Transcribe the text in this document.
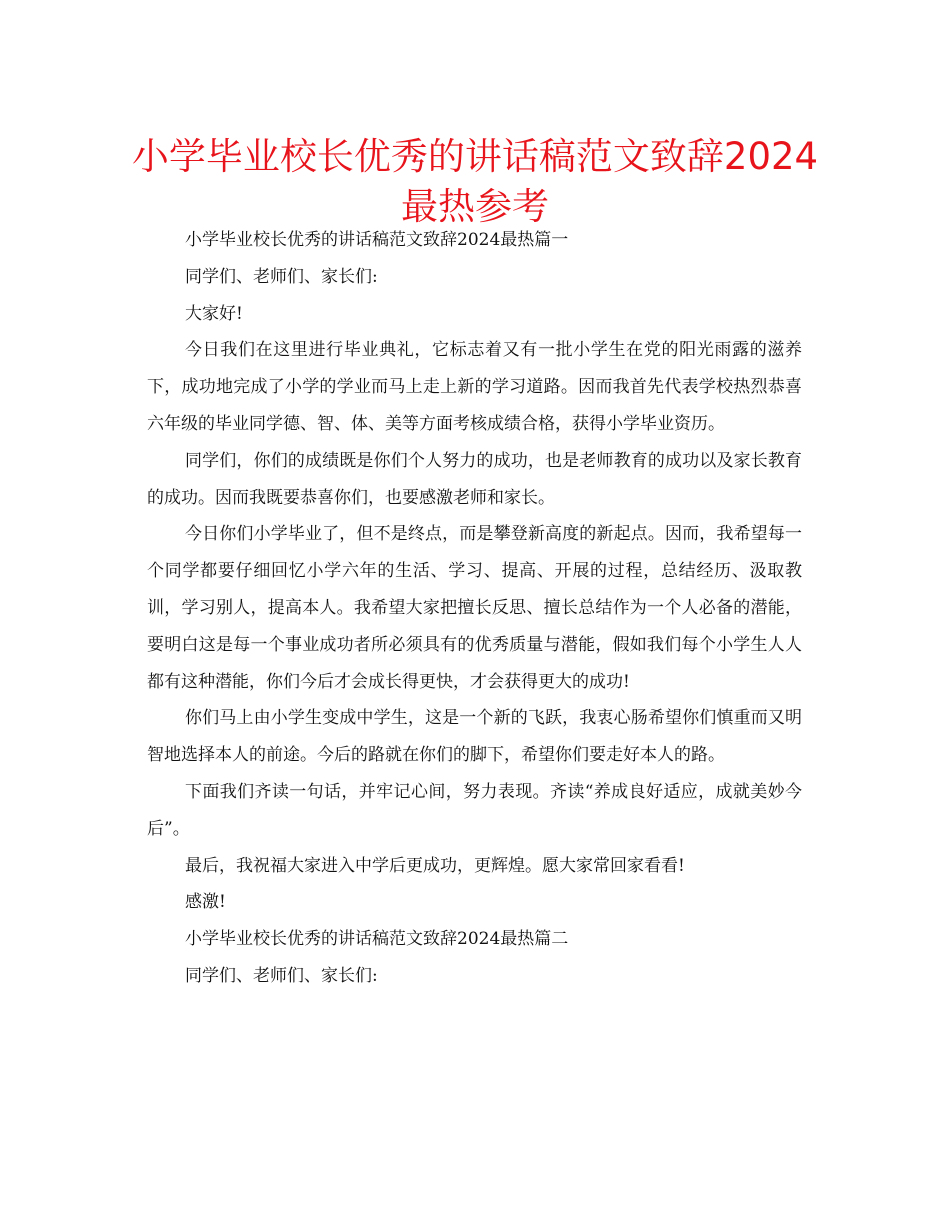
小学毕业校长优秀的讲话稿范文致辞2024最热参考

小学毕业校长优秀的讲话稿范文致辞2024最热篇一

同学们、老师们、家长们:

大家好!

今日我们在这里进行毕业典礼，它标志着又有一批小学生在党的阳光雨露的滋养下，成功地完成了小学的学业而马上走上新的学习道路。因而我首先代表学校热烈恭喜六年级的毕业同学德、智、体、美等方面考核成绩合格，获得小学毕业资历。

同学们，你们的成绩既是你们个人努力的成功，也是老师教育的成功以及家长教育的成功。因而我既要恭喜你们，也要感激老师和家长。

今日你们小学毕业了，但不是终点，而是攀登新高度的新起点。因而，我希望每一个同学都要仔细回忆小学六年的生活、学习、提高、开展的过程，总结经历、汲取教训，学习别人，提高本人。我希望大家把擅长反思、擅长总结作为一个人必备的潜能，要明白这是每一个事业成功者所必须具有的优秀质量与潜能，假如我们每个小学生人人都有这种潜能，你们今后才会成长得更快，才会获得更大的成功!

你们马上由小学生变成中学生，这是一个新的飞跃，我衷心肠希望你们慎重而又明智地选择本人的前途。今后的路就在你们的脚下，希望你们要走好本人的路。

下面我们齐读一句话，并牢记心间，努力表现。齐读“养成良好适应，成就美妙今后”。

最后，我祝福大家进入中学后更成功，更辉煌。愿大家常回家看看!

感激!

小学毕业校长优秀的讲话稿范文致辞2024最热篇二

同学们、老师们、家长们:
